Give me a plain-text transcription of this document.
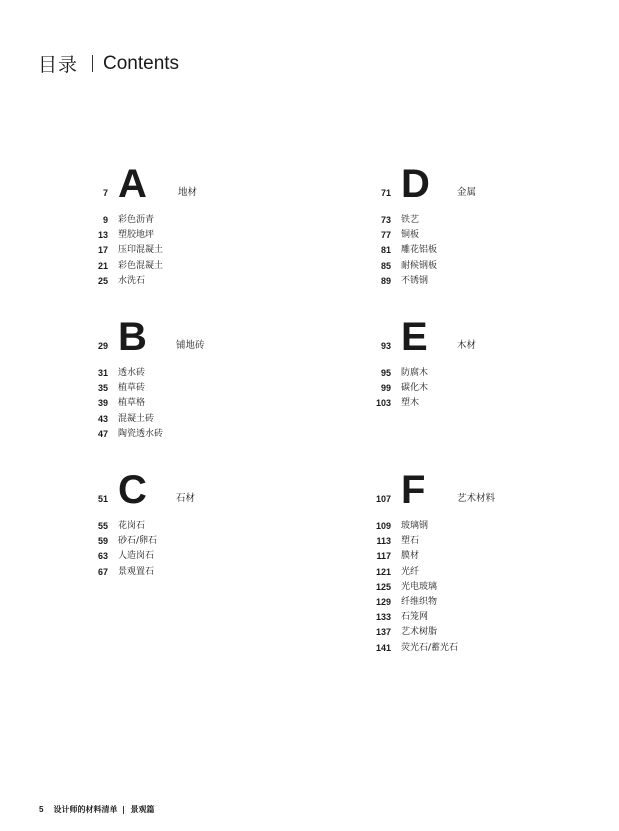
目录 Contents
7 A	地材
9 彩色沥青
13 塑胶地坪
17 压印混凝土
21 彩色混凝土
25 水洗石
29 B	铺地砖
31 透水砖
35 植草砖
39 植草格
43 混凝土砖
47 陶瓷透水砖
51 C	石材
55 花岗石
59 砂石/卵石
63 人造岗石
67 景观置石
71 D	金属
73 铁艺
77 铜板
81 雕花铝板
85 耐候钢板
89 不锈钢
93 E	木材
95 防腐木
99 碳化木
103 塑木
107 F	艺术材料
109 玻璃钢
113 塑石
117 膜材
121 光纤
125 光电玻璃
129 纤维织物
133 石笼网
137 艺术树脂
141 荧光石/蓄光石
5 设计师的材料清单 景观篇
